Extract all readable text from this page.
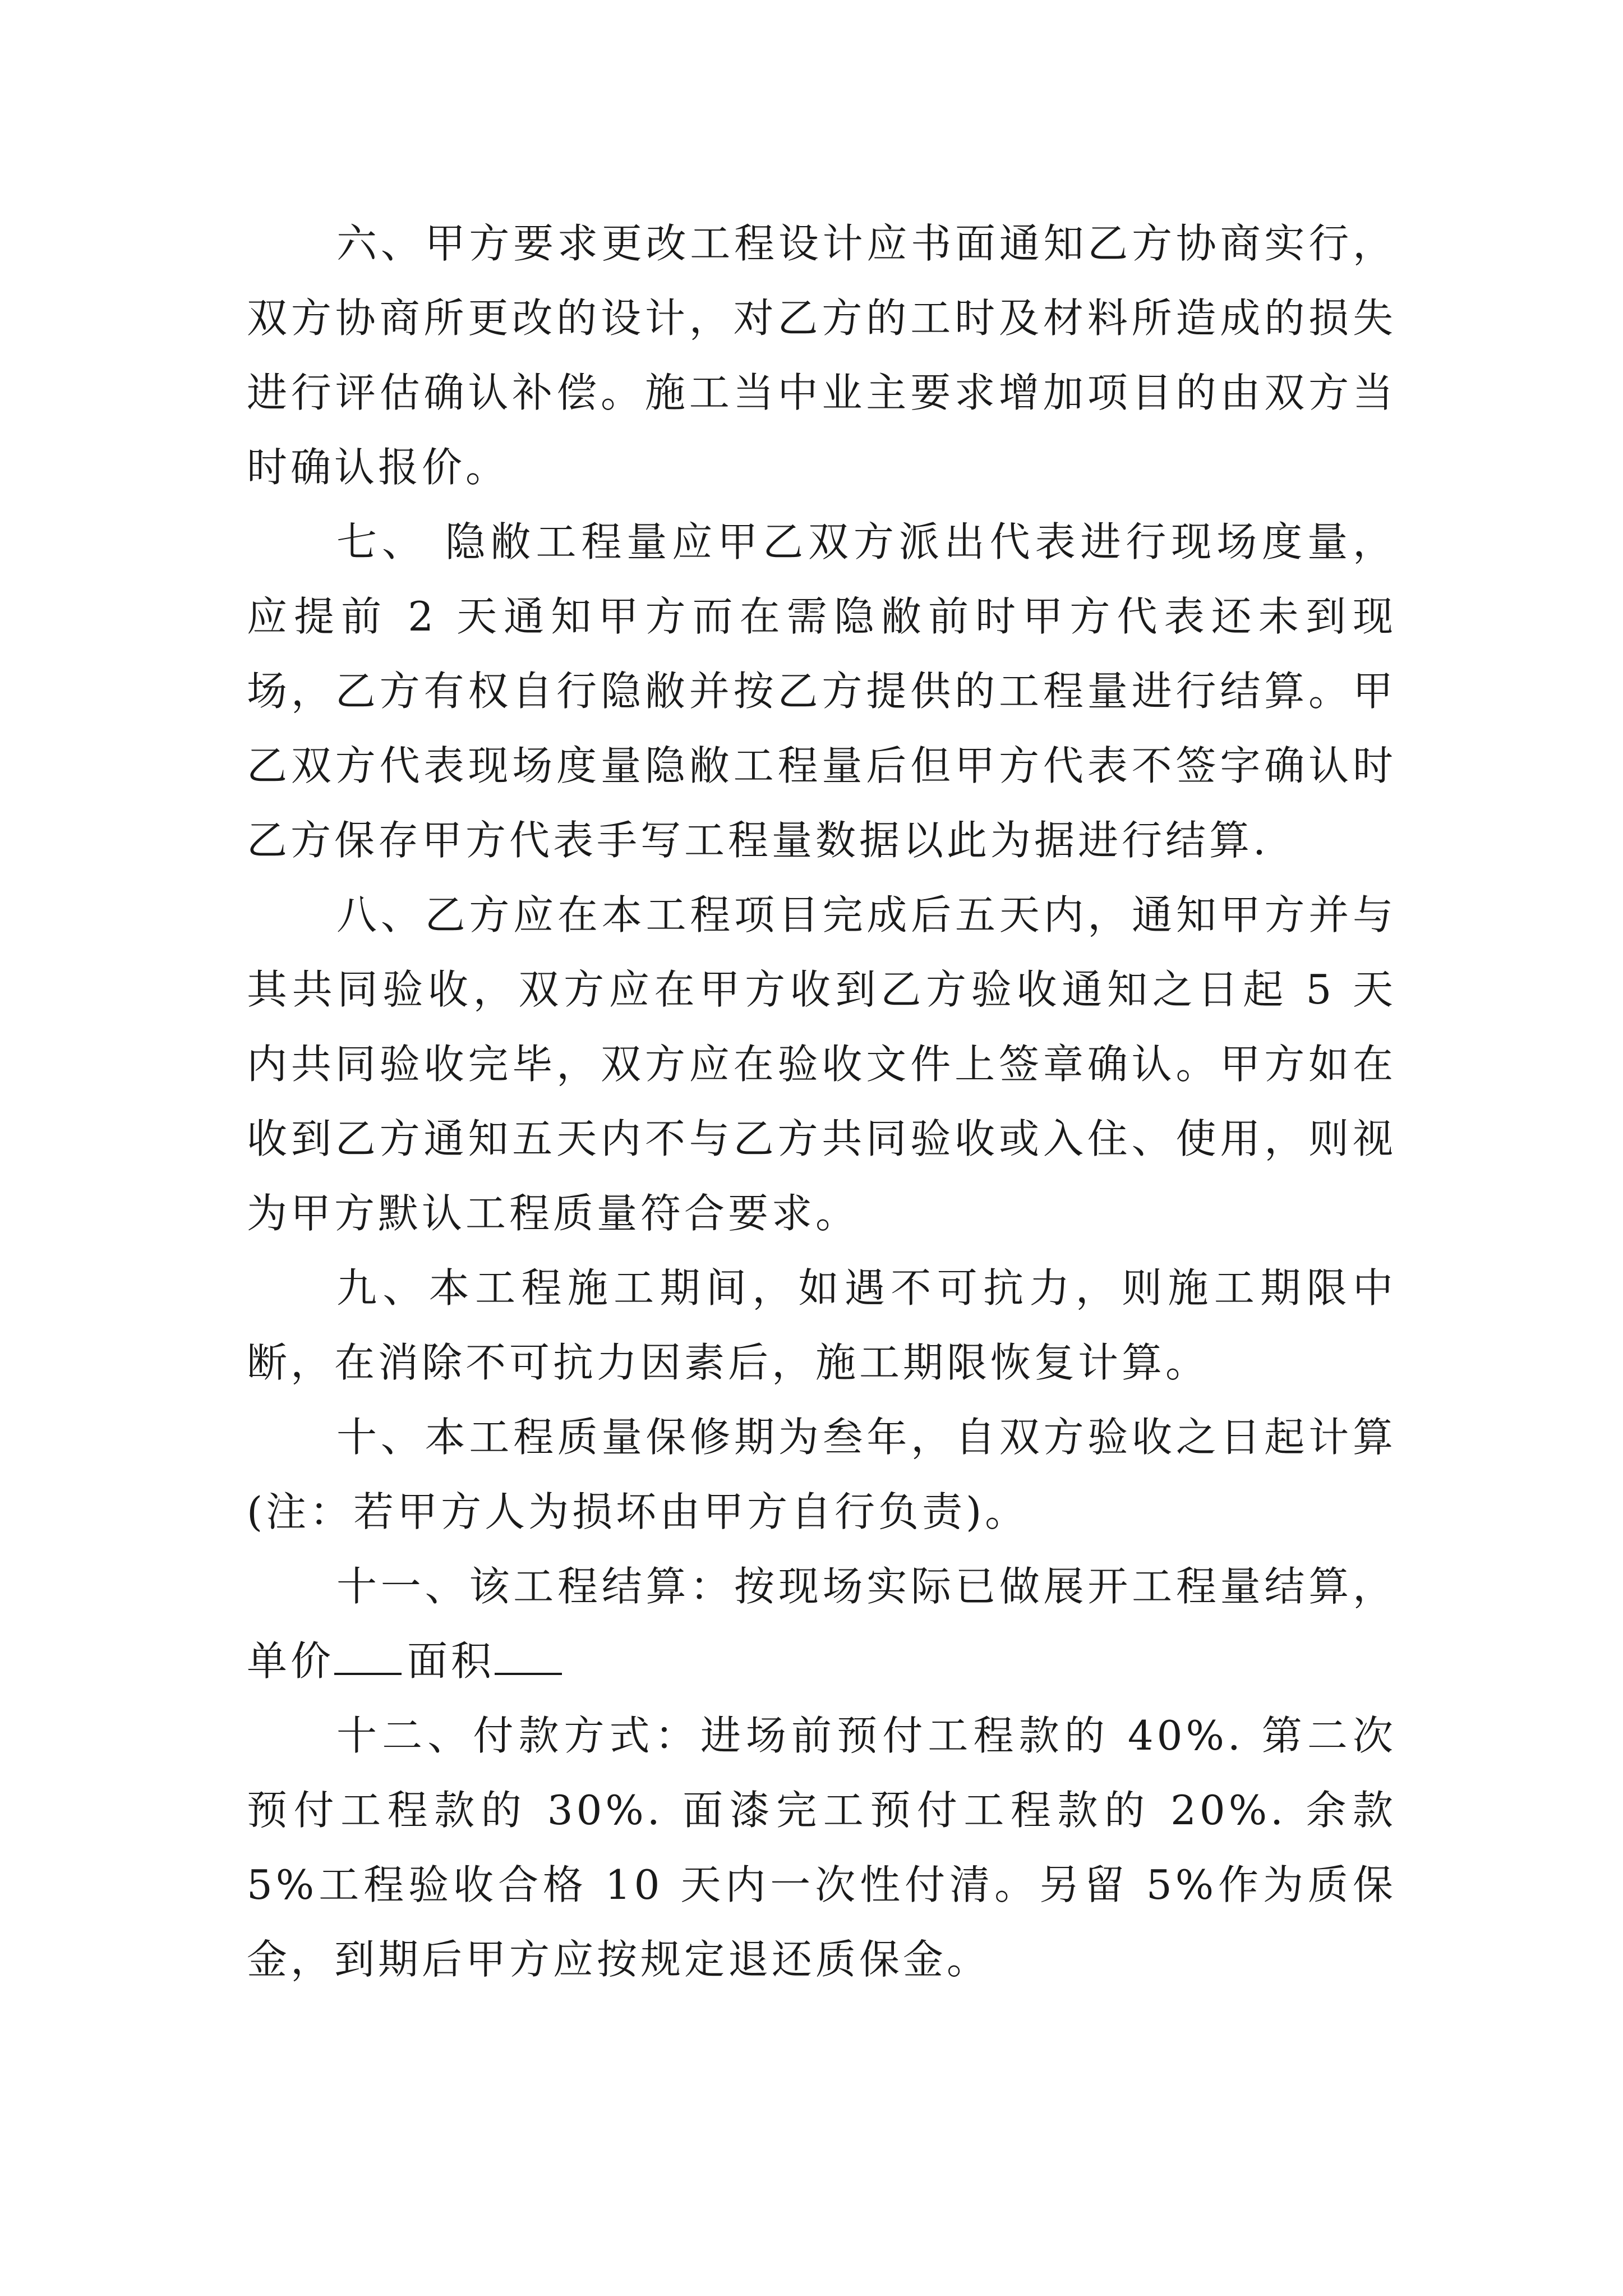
六、甲方要求更改工程设计应书面通知乙方协商实行，双方协商所更改的设计，对乙方的工时及材料所造成的损失进行评估确认补偿。施工当中业主要求增加项目的由双方当时确认报价。

七、 隐敝工程量应甲乙双方派出代表进行现场度量，应提前 2 天通知甲方而在需隐敝前时甲方代表还未到现场，乙方有权自行隐敝并按乙方提供的工程量进行结算。甲乙双方代表现场度量隐敝工程量后但甲方代表不签字确认时乙方保存甲方代表手写工程量数据以此为据进行结算.

八、乙方应在本工程项目完成后五天内，通知甲方并与其共同验收，双方应在甲方收到乙方验收通知之日起 5 天内共同验收完毕，双方应在验收文件上签章确认。甲方如在收到乙方通知五天内不与乙方共同验收或入住、使用，则视为甲方默认工程质量符合要求。

九、本工程施工期间，如遇不可抗力，则施工期限中断，在消除不可抗力因素后，施工期限恢复计算。

十、本工程质量保修期为叁年，自双方验收之日起计算(注：若甲方人为损坏由甲方自行负责)。

十一、该工程结算：按现场实际已做展开工程量结算，单价 面积

十二、付款方式：进场前预付工程款的 40%. 第二次预付工程款的 30%. 面漆完工预付工程款的 20%. 余款 5%工程验收合格 10 天内一次性付清。另留 5%作为质保金，到期后甲方应按规定退还质保金。
